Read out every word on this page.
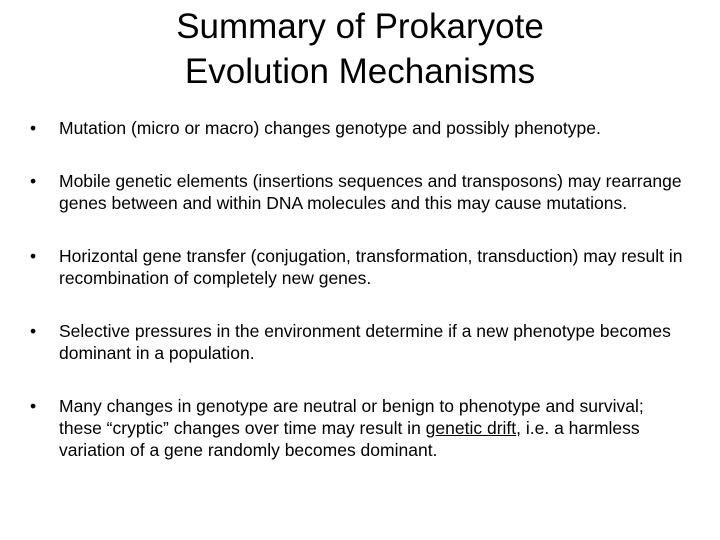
Summary of Prokaryote
Evolution Mechanisms
•	Mutation (micro or macro) changes genotype and possibly phenotype.
•	Mobile genetic elements (insertions sequences and transposons) may rearrange genes between and within DNA molecules and this may cause mutations.
•	Horizontal gene transfer (conjugation, transformation, transduction) may result in recombination of completely new genes.
•	Selective pressures in the environment determine if a new phenotype becomes dominant in a population.
•	Many changes in genotype are neutral or benign to phenotype and survival; these “cryptic” changes over time may result in genetic drift, i.e. a harmless variation of a gene randomly becomes dominant.
